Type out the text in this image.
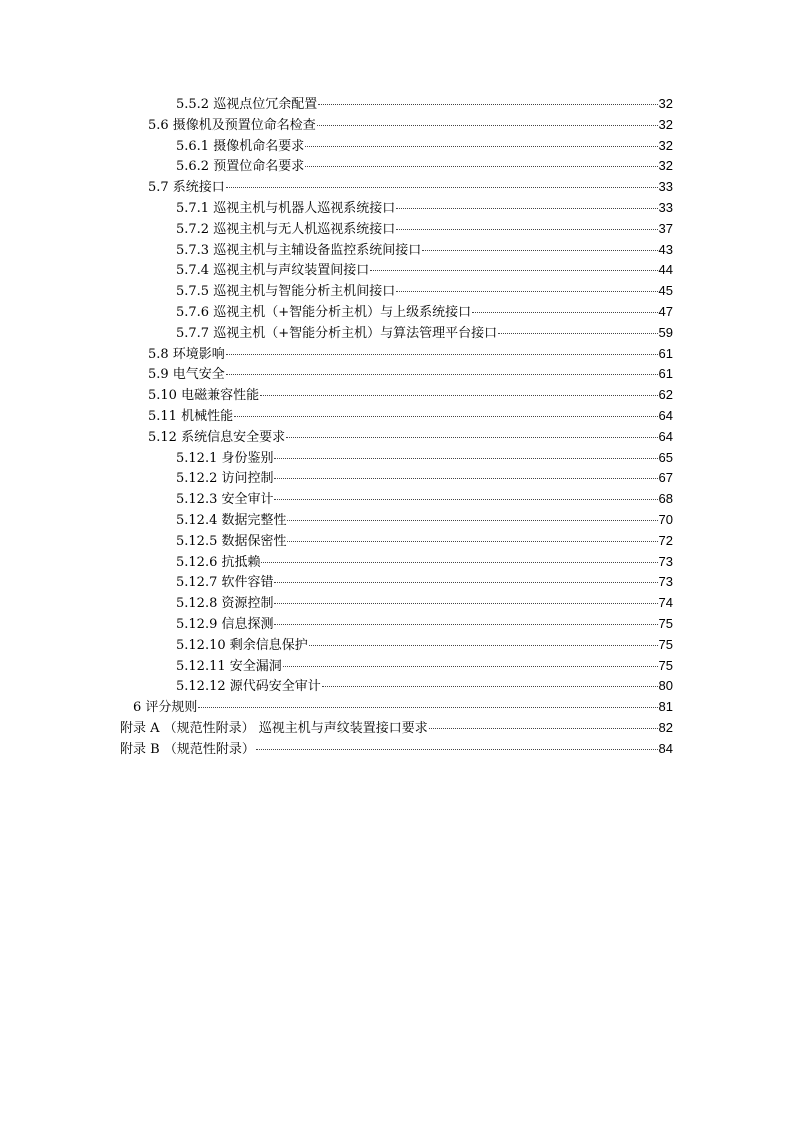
5.5.2 巡视点位冗余配置	32
5.6 摄像机及预置位命名检查	32
5.6.1 摄像机命名要求	32
5.6.2 预置位命名要求	32
5.7 系统接口	33
5.7.1 巡视主机与机器人巡视系统接口	33
5.7.2 巡视主机与无人机巡视系统接口	37
5.7.3 巡视主机与主辅设备监控系统间接口	43
5.7.4 巡视主机与声纹装置间接口	44
5.7.5 巡视主机与智能分析主机间接口	45
5.7.6 巡视主机（+智能分析主机）与上级系统接口	47
5.7.7 巡视主机（+智能分析主机）与算法管理平台接口	59
5.8 环境影响	61
5.9 电气安全	61
5.10 电磁兼容性能	62
5.11 机械性能	64
5.12 系统信息安全要求	64
5.12.1 身份鉴别	65
5.12.2 访问控制	67
5.12.3 安全审计	68
5.12.4 数据完整性	70
5.12.5 数据保密性	72
5.12.6 抗抵赖	73
5.12.7 软件容错	73
5.12.8 资源控制	74
5.12.9 信息探测	75
5.12.10 剩余信息保护	75
5.12.11 安全漏洞	75
5.12.12 源代码安全审计	80
6 评分规则	81
附录 A （规范性附录） 巡视主机与声纹装置接口要求	82
附录 B （规范性附录）	84
